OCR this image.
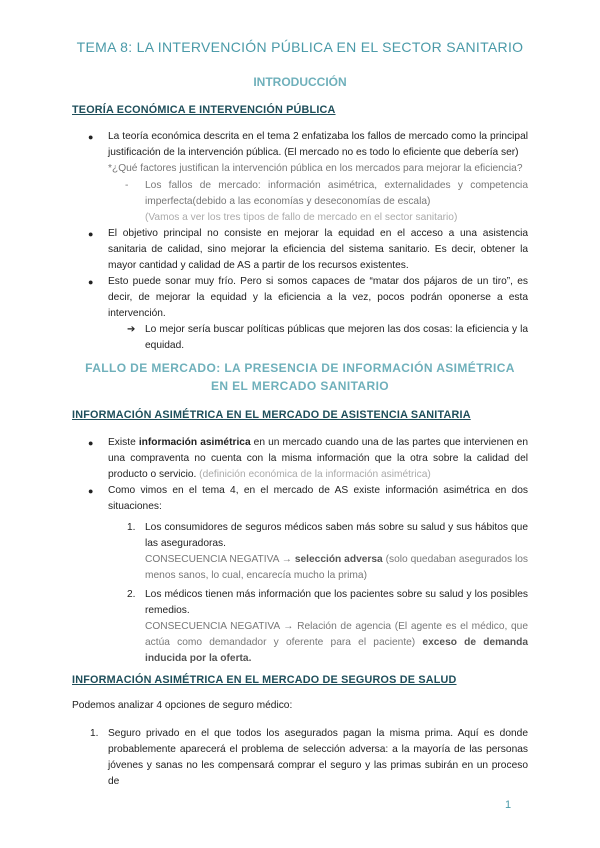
TEMA 8: LA INTERVENCIÓN PÚBLICA EN EL SECTOR SANITARIO
INTRODUCCIÓN
TEORÍA ECONÓMICA E INTERVENCIÓN PÚBLICA
● La teoría económica descrita en el tema 2 enfatizaba los fallos de mercado como la principal justificación de la intervención pública. (El mercado no es todo lo eficiente que debería ser)
*¿Qué factores justifican la intervención pública en los mercados para mejorar la eficiencia?
- Los fallos de mercado: información asimétrica, externalidades y competencia imperfecta(debido a las economías y deseconomías de escala)
(Vamos a ver los tres tipos de fallo de mercado en el sector sanitario)
● El objetivo principal no consiste en mejorar la equidad en el acceso a una asistencia sanitaria de calidad, sino mejorar la eficiencia del sistema sanitario. Es decir, obtener la mayor cantidad y calidad de AS a partir de los recursos existentes.
● Esto puede sonar muy frío. Pero si somos capaces de “matar dos pájaros de un tiro”, es decir, de mejorar la equidad y la eficiencia a la vez, pocos podrán oponerse a esta intervención.
➔ Lo mejor sería buscar políticas públicas que mejoren las dos cosas: la eficiencia y la equidad.
FALLO DE MERCADO: LA PRESENCIA DE INFORMACIÓN ASIMÉTRICA
EN EL MERCADO SANITARIO
INFORMACIÓN ASIMÉTRICA EN EL MERCADO DE ASISTENCIA SANITARIA
● Existe información asimétrica en un mercado cuando una de las partes que intervienen en una compraventa no cuenta con la misma información que la otra sobre la calidad del producto o servicio. (definición económica de la información asimétrica)
● Como vimos en el tema 4, en el mercado de AS existe información asimétrica en dos situaciones:
1. Los consumidores de seguros médicos saben más sobre su salud y sus hábitos que las aseguradoras.
CONSECUENCIA NEGATIVA → selección adversa (solo quedaban asegurados los menos sanos, lo cual, encarecía mucho la prima)
2. Los médicos tienen más información que los pacientes sobre su salud y los posibles remedios.
CONSECUENCIA NEGATIVA → Relación de agencia (El agente es el médico, que actúa como demandador y oferente para el paciente) exceso de demanda inducida por la oferta.
INFORMACIÓN ASIMÉTRICA EN EL MERCADO DE SEGUROS DE SALUD
Podemos analizar 4 opciones de seguro médico:
1. Seguro privado en el que todos los asegurados pagan la misma prima. Aquí es donde probablemente aparecerá el problema de selección adversa: a la mayoría de las personas jóvenes y sanas no les compensará comprar el seguro y las primas subirán en un proceso de
1
